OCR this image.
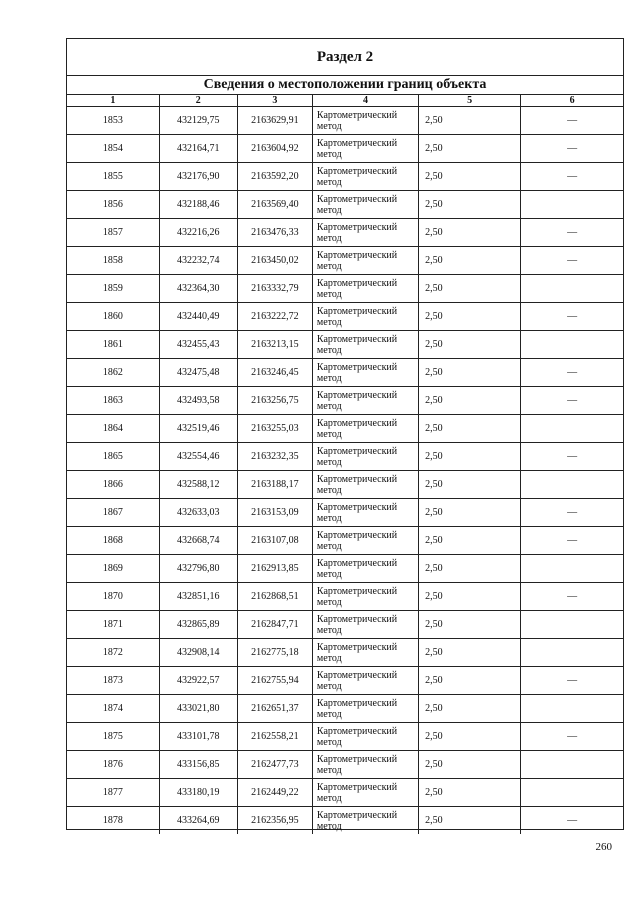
Раздел 2
Сведения о местоположении границ объекта
1	2	3	4	5	6
1853	432129,75	2163629,91	Картометрический метод	2,50	—
1854	432164,71	2163604,92	Картометрический метод	2,50	—
1855	432176,90	2163592,20	Картометрический метод	2,50	—
1856	432188,46	2163569,40	Картометрический метод	2,50	
1857	432216,26	2163476,33	Картометрический метод	2,50	—
1858	432232,74	2163450,02	Картометрический метод	2,50	—
1859	432364,30	2163332,79	Картометрический метод	2,50	
1860	432440,49	2163222,72	Картометрический метод	2,50	—
1861	432455,43	2163213,15	Картометрический метод	2,50	
1862	432475,48	2163246,45	Картометрический метод	2,50	—
1863	432493,58	2163256,75	Картометрический метод	2,50	—
1864	432519,46	2163255,03	Картометрический метод	2,50	
1865	432554,46	2163232,35	Картометрический метод	2,50	—
1866	432588,12	2163188,17	Картометрический метод	2,50	
1867	432633,03	2163153,09	Картометрический метод	2,50	—
1868	432668,74	2163107,08	Картометрический метод	2,50	—
1869	432796,80	2162913,85	Картометрический метод	2,50	
1870	432851,16	2162868,51	Картометрический метод	2,50	—
1871	432865,89	2162847,71	Картометрический метод	2,50	
1872	432908,14	2162775,18	Картометрический метод	2,50	
1873	432922,57	2162755,94	Картометрический метод	2,50	—
1874	433021,80	2162651,37	Картометрический метод	2,50	
1875	433101,78	2162558,21	Картометрический метод	2,50	—
1876	433156,85	2162477,73	Картометрический метод	2,50	
1877	433180,19	2162449,22	Картометрический метод	2,50	
1878	433264,69	2162356,95	Картометрический метод	2,50	—
260
